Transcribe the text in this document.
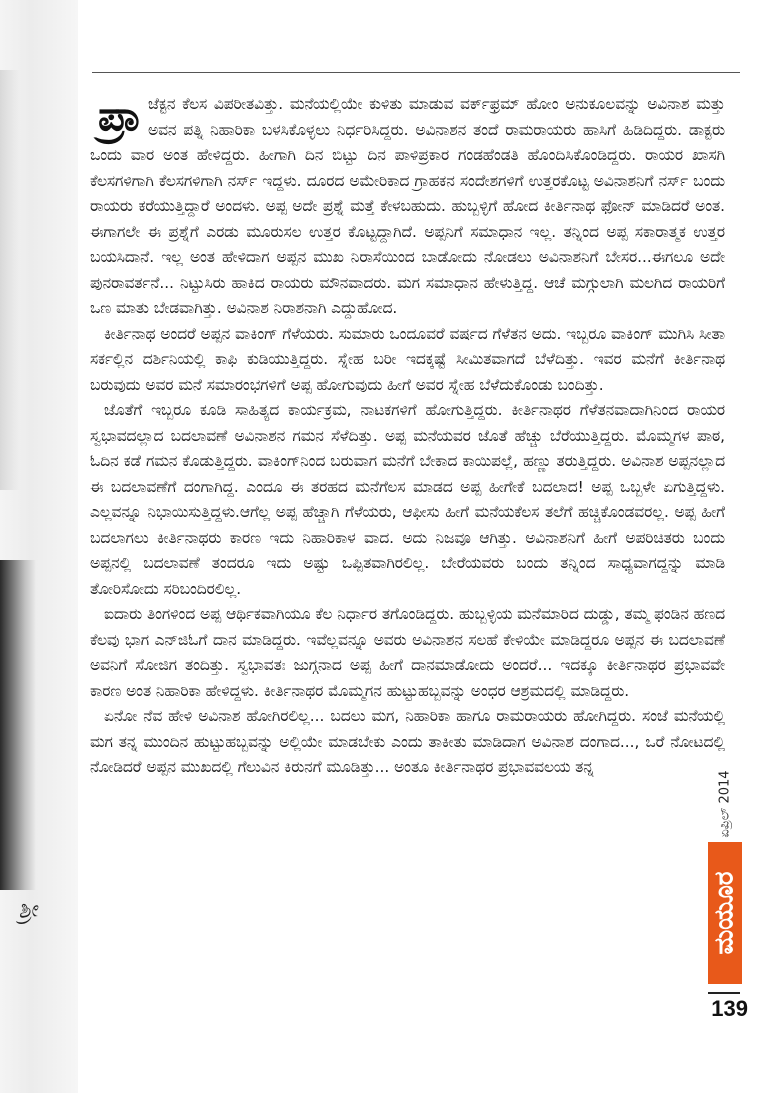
ಶ್ರೀ

ಪ್ರಾ ಜೆಕ್ಟನ ಕೆಲಸ ವಿಪರೀತವಿತ್ತು. ಮನೆಯಲ್ಲಿಯೇ ಕುಳಿತು ಮಾಡುವ ವರ್ಕ್‌ಫ್ರಮ್ ಹೋಂ ಅನುಕೂಲವನ್ನು ಅವಿನಾಶ ಮತ್ತು ಅವನ ಪತ್ನಿ ನಿಹಾರಿಕಾ ಬಳಸಿಕೊಳ್ಳಲು ನಿರ್ಧರಿಸಿದ್ದರು. ಅವಿನಾಶನ ತಂದೆ ರಾಮರಾಯರು ಹಾಸಿಗೆ ಹಿಡಿದಿದ್ದರು. ಡಾಕ್ಟರು ಒಂದು ವಾರ ಅಂತ ಹೇಳಿದ್ದರು. ಹೀಗಾಗಿ ದಿನ ಬಿಟ್ಟು ದಿನ ಪಾಳಿಪ್ರಕಾರ ಗಂಡಹೆಂಡತಿ ಹೊಂದಿಸಿಕೊಂಡಿದ್ದರು. ರಾಯರ ಖಾಸಗಿ ಕೆಲಸಗಳಿಗಾಗಿ ಕೆಲಸಗಳಿಗಾಗಿ ನರ್ಸ್ ಇದ್ದಳು. ದೂರದ ಅಮೇರಿಕಾದ ಗ್ರಾಹಕನ ಸಂದೇಶಗಳಿಗೆ ಉತ್ತರಕೊಟ್ಟ ಅವಿನಾಶನಿಗೆ ನರ್ಸ್ ಬಂದು ರಾಯರು ಕರೆಯುತ್ತಿದ್ದಾರೆ ಅಂದಳು. ಅಪ್ಪ ಅದೇ ಪ್ರಶ್ನೆ ಮತ್ತೆ ಕೇಳಬಹುದು. ಹುಬ್ಬಳ್ಳಿಗೆ ಹೋದ ಕೀರ್ತಿನಾಥ ಫೋನ್ ಮಾಡಿದರೆ ಅಂತ. ಈಗಾಗಲೇ ಈ ಪ್ರಶ್ನೆಗೆ ಎರಡು ಮೂರುಸಲ ಉತ್ತರ ಕೊಟ್ಟದ್ದಾಗಿದೆ. ಅಪ್ಪನಿಗೆ ಸಮಾಧಾನ ಇಲ್ಲ. ತನ್ನಿಂದ ಅಪ್ಪ ಸಕಾರಾತ್ಮಕ ಉತ್ತರ ಬಯಸಿದಾನೆ. ಇಲ್ಲ ಅಂತ ಹೇಳಿದಾಗ ಅಪ್ಪನ ಮುಖ ನಿರಾಸೆಯಿಂದ ಬಾಡೋದು ನೋಡಲು ಅವಿನಾಶನಿಗೆ ಬೇಸರ...ಈಗಲೂ ಅದೇ ಪುನರಾವರ್ತನೆ... ನಿಟ್ಟುಸಿರು ಹಾಕಿದ ರಾಯರು ಮೌನವಾದರು. ಮಗ ಸಮಾಧಾನ ಹೇಳುತ್ತಿದ್ದ. ಆಚೆ ಮಗ್ಗುಲಾಗಿ ಮಲಗಿದ ರಾಯರಿಗೆ ಒಣ ಮಾತು ಬೇಡವಾಗಿತ್ತು. ಅವಿನಾಶ ನಿರಾಶನಾಗಿ ಎದ್ದುಹೋದ.

ಕೀರ್ತಿನಾಥ ಅಂದರೆ ಅಪ್ಪನ ವಾಕಿಂಗ್ ಗೆಳೆಯರು. ಸುಮಾರು ಒಂದೂವರೆ ವರ್ಷದ ಗೆಳೆತನ ಅದು. ಇಬ್ಬರೂ ವಾಕಿಂಗ್ ಮುಗಿಸಿ ಸೀತಾ ಸರ್ಕಲ್ಲಿನ ದರ್ಶಿನಿಯಲ್ಲಿ ಕಾಫಿ ಕುಡಿಯುತ್ತಿದ್ದರು. ಸ್ನೇಹ ಬರೀ ಇದಕ್ಕಷ್ಟೆ ಸೀಮಿತವಾಗದೆ ಬೆಳೆದಿತ್ತು. ಇವರ ಮನೆಗೆ ಕೀರ್ತಿನಾಥ ಬರುವುದು ಅವರ ಮನೆ ಸಮಾರಂಭಗಳಿಗೆ ಅಪ್ಪ ಹೋಗುವುದು ಹೀಗೆ ಅವರ ಸ್ನೇಹ ಬೆಳೆದುಕೊಂಡು ಬಂದಿತ್ತು.

ಜೊತೆಗೆ ಇಬ್ಬರೂ ಕೂಡಿ ಸಾಹಿತ್ಯದ ಕಾರ್ಯಕ್ರಮ, ನಾಟಕಗಳಿಗೆ ಹೋಗುತ್ತಿದ್ದರು. ಕೀರ್ತಿನಾಥರ ಗೆಳೆತನವಾದಾಗಿನಿಂದ ರಾಯರ ಸ್ವಭಾವದಲ್ಲಾದ ಬದಲಾವಣೆ ಅವಿನಾಶನ ಗಮನ ಸೆಳೆದಿತ್ತು. ಅಪ್ಪ ಮನೆಯವರ ಜೊತೆ ಹೆಚ್ಚು ಬೆರೆಯುತ್ತಿದ್ದರು. ಮೊಮ್ಮಗಳ ಪಾಠ, ಓದಿನ ಕಡೆ ಗಮನ ಕೊಡುತ್ತಿದ್ದರು. ವಾಕಿಂಗ್‌ನಿಂದ ಬರುವಾಗ ಮನೆಗೆ ಬೇಕಾದ ಕಾಯಿಪಲ್ಲೆ, ಹಣ್ಣು ತರುತ್ತಿದ್ದರು. ಅವಿನಾಶ ಅಪ್ಪನಲ್ಲಾದ ಈ ಬದಲಾವಣೆಗೆ ದಂಗಾಗಿದ್ದ. ಎಂದೂ ಈ ತರಹದ ಮನೆಗೆಲಸ ಮಾಡದ ಅಪ್ಪ ಹೀಗೇಕೆ ಬದಲಾದ! ಅಪ್ಪ ಒಬ್ಬಳೇ ಏಗುತ್ತಿದ್ದಳು. ಎಲ್ಲವನ್ನೂ ನಿಭಾಯಿಸುತ್ತಿದ್ದಳು.ಆಗೆಲ್ಲ ಅಪ್ಪ ಹೆಚ್ಚಾಗಿ ಗೆಳೆಯರು, ಆಫೀಸು ಹೀಗೆ ಮನೆಯಕೆಲಸ ತಲೆಗೆ ಹಚ್ಚಿಕೊಂಡವರಲ್ಲ. ಅಪ್ಪ ಹೀಗೆ ಬದಲಾಗಲು ಕೀರ್ತಿನಾಥರು ಕಾರಣ ಇದು ನಿಹಾರಿಕಾಳ ವಾದ. ಅದು ನಿಜವೂ ಆಗಿತ್ತು. ಅವಿನಾಶನಿಗೆ ಹೀಗೆ ಅಪರಿಚಿತರು ಬಂದು ಅಪ್ಪನಲ್ಲಿ ಬದಲಾವಣೆ ತಂದರೂ ಇದು ಅಷ್ಟು ಒಪ್ಪಿತವಾಗಿರಲಿಲ್ಲ. ಬೇರೆಯವರು ಬಂದು ತನ್ನಿಂದ ಸಾಧ್ಯವಾಗದ್ದನ್ನು ಮಾಡಿ ತೋರಿಸೋದು ಸರಿಬಂದಿರಲಿಲ್ಲ.

ಐದಾರು ತಿಂಗಳಿಂದ ಅಪ್ಪ ಆರ್ಥಿಕವಾಗಿಯೂ ಕೆಲ ನಿರ್ಧಾರ ತಗೊಂಡಿದ್ದರು. ಹುಬ್ಬಳ್ಳಿಯ ಮನೆಮಾರಿದ ದುಡ್ಡು, ತಮ್ಮ ಫಂಡಿನ ಹಣದ ಕೆಲವು ಭಾಗ ಎನ್‌ಜಿಓಗೆ ದಾನ ಮಾಡಿದ್ದರು. ಇವೆಲ್ಲವನ್ನೂ ಅವರು ಅವಿನಾಶನ ಸಲಹೆ ಕೇಳಿಯೇ ಮಾಡಿದ್ದರೂ ಅಪ್ಪನ ಈ ಬದಲಾವಣೆ ಅವನಿಗೆ ಸೋಜಿಗ ತಂದಿತ್ತು. ಸ್ವಭಾವತಃ ಜುಗ್ಗನಾದ ಅಪ್ಪ ಹೀಗೆ ದಾನಮಾಡೋದು ಅಂದರೆ... ಇದಕ್ಕೂ ಕೀರ್ತಿನಾಥರ ಪ್ರಭಾವವೇ ಕಾರಣ ಅಂತ ನಿಹಾರಿಕಾ ಹೇಳಿದ್ದಳು. ಕೀರ್ತಿನಾಥರ ಮೊಮ್ಮಗನ ಹುಟ್ಟುಹಬ್ಬವನ್ನು ಅಂಧರ ಆಶ್ರಮದಲ್ಲಿ ಮಾಡಿದ್ದರು.

ಏನೋ ನೆವ ಹೇಳಿ ಅವಿನಾಶ ಹೋಗಿರಲಿಲ್ಲ... ಬದಲು ಮಗ, ನಿಹಾರಿಕಾ ಹಾಗೂ ರಾಮರಾಯರು ಹೋಗಿದ್ದರು. ಸಂಜೆ ಮನೆಯಲ್ಲಿ ಮಗ ತನ್ನ ಮುಂದಿನ ಹುಟ್ಟುಹಬ್ಬವನ್ನು ಅಲ್ಲಿಯೇ ಮಾಡಬೇಕು ಎಂದು ತಾಕೀತು ಮಾಡಿದಾಗ ಅವಿನಾಶ ದಂಗಾದ..., ಒರೆ ನೋಟದಲ್ಲಿ ನೋಡಿದರೆ ಅಪ್ಪನ ಮುಖದಲ್ಲಿ ಗೆಲುವಿನ ಕಿರುನಗೆ ಮೂಡಿತ್ತು... ಅಂತೂ ಕೀರ್ತಿನಾಥರ ಪ್ರಭಾವವಲಯ ತನ್ನ

ಏಪ್ರಿಲ್ 2014
ಮಯೂರ
139
